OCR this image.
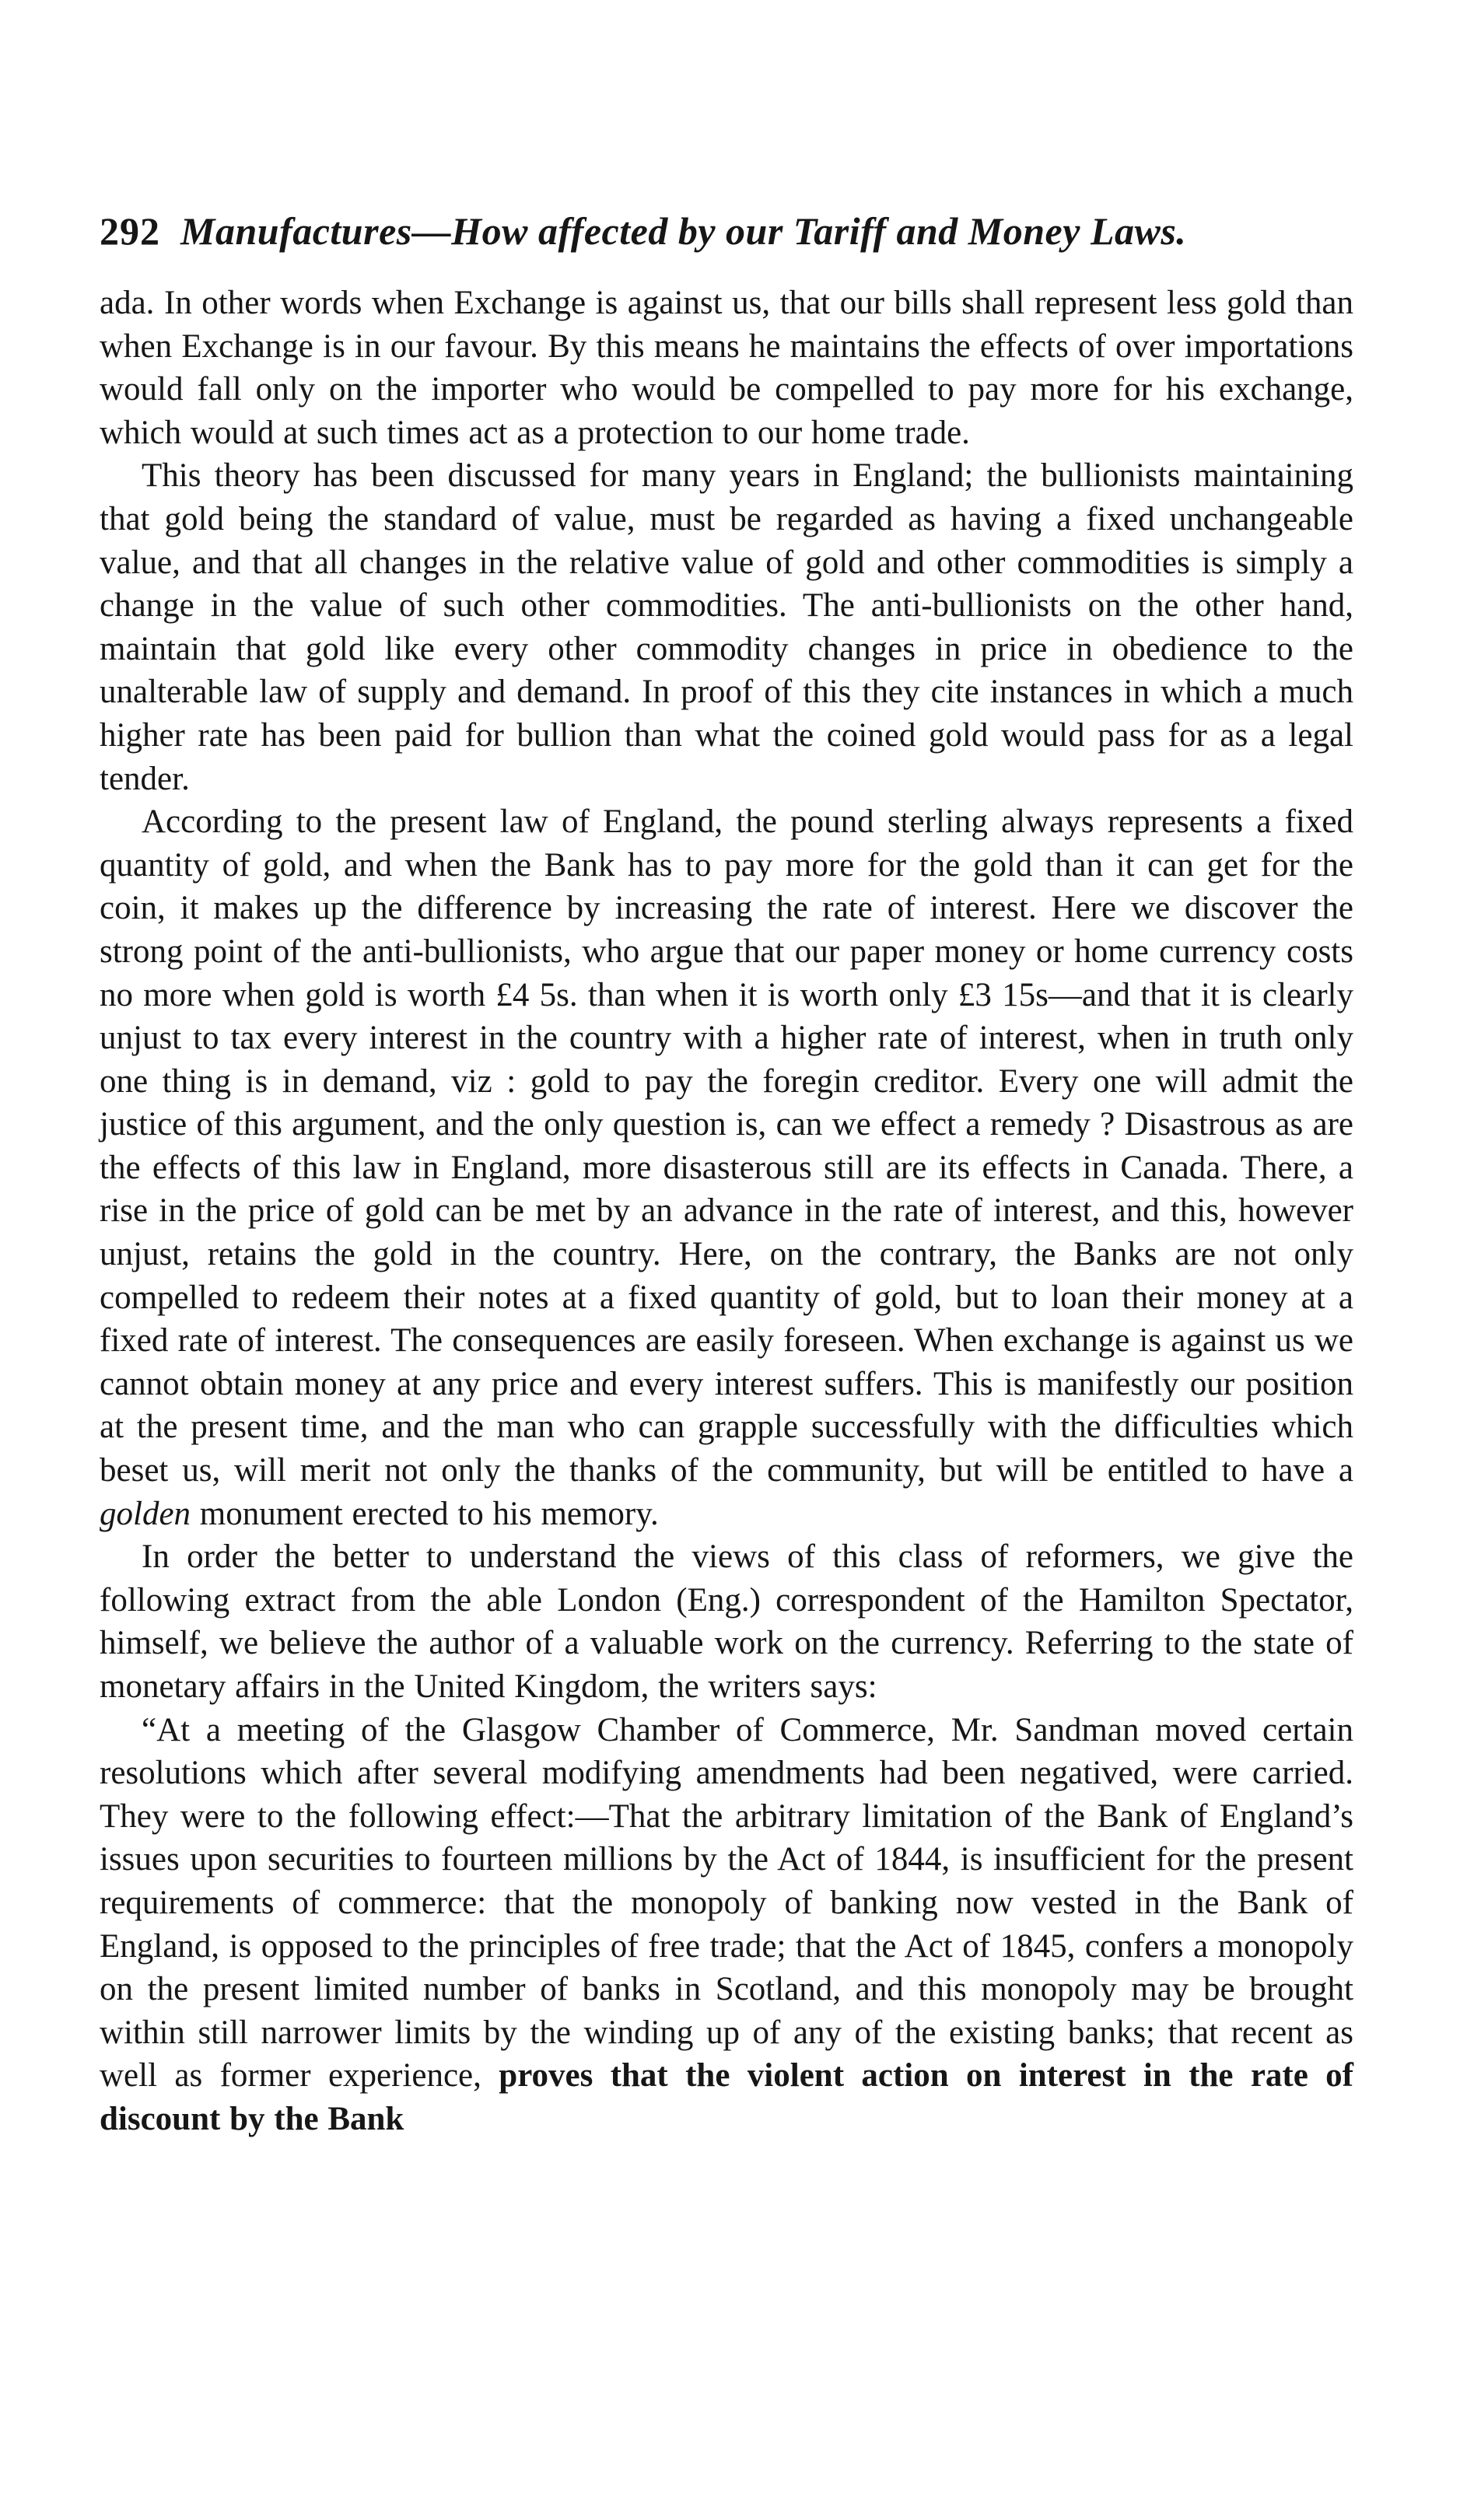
292 Manufactures—How affected by our Tariff and Money Laws.

ada. In other words when Exchange is against us, that our bills shall represent less gold than when Exchange is in our favour. By this means he maintains the effects of over importations would fall only on the importer who would be compelled to pay more for his exchange, which would at such times act as a protection to our home trade.

This theory has been discussed for many years in England; the bullionists maintaining that gold being the standard of value, must be regarded as having a fixed unchangeable value, and that all changes in the relative value of gold and other commodities is simply a change in the value of such other commodities. The anti-bullionists on the other hand, maintain that gold like every other commodity changes in price in obedience to the unalterable law of supply and demand. In proof of this they cite instances in which a much higher rate has been paid for bullion than what the coined gold would pass for as a legal tender.

According to the present law of England, the pound sterling always represents a fixed quantity of gold, and when the Bank has to pay more for the gold than it can get for the coin, it makes up the difference by increasing the rate of interest. Here we discover the strong point of the anti-bullionists, who argue that our paper money or home currency costs no more when gold is worth £4 5s. than when it is worth only £3 15s—and that it is clearly unjust to tax every interest in the country with a higher rate of interest, when in truth only one thing is in demand, viz : gold to pay the foregin creditor. Every one will admit the justice of this argument, and the only question is, can we effect a remedy ? Disastrous as are the effects of this law in England, more disasterous still are its effects in Canada. There, a rise in the price of gold can be met by an advance in the rate of interest, and this, however unjust, retains the gold in the country. Here, on the contrary, the Banks are not only compelled to redeem their notes at a fixed quantity of gold, but to loan their money at a fixed rate of interest. The consequences are easily foreseen. When exchange is against us we cannot obtain money at any price and every interest suffers. This is manifestly our position at the present time, and the man who can grapple successfully with the difficulties which beset us, will merit not only the thanks of the community, but will be entitled to have a golden monument erected to his memory.

In order the better to understand the views of this class of reformers, we give the following extract from the able London (Eng.) correspondent of the Hamilton Spectator, himself, we believe the author of a valuable work on the currency. Referring to the state of monetary affairs in the United Kingdom, the writers says:

“At a meeting of the Glasgow Chamber of Commerce, Mr. Sandman moved certain resolutions which after several modifying amendments had been negatived, were carried. They were to the following effect:—That the arbitrary limitation of the Bank of England’s issues upon securities to fourteen millions by the Act of 1844, is insufficient for the present requirements of commerce: that the monopoly of banking now vested in the Bank of England, is opposed to the principles of free trade; that the Act of 1845, confers a monopoly on the present limited number of banks in Scotland, and this monopoly may be brought within still narrower limits by the winding up of any of the existing banks; that recent as well as former experience, proves that the violent action on interest in the rate of discount by the Bank
